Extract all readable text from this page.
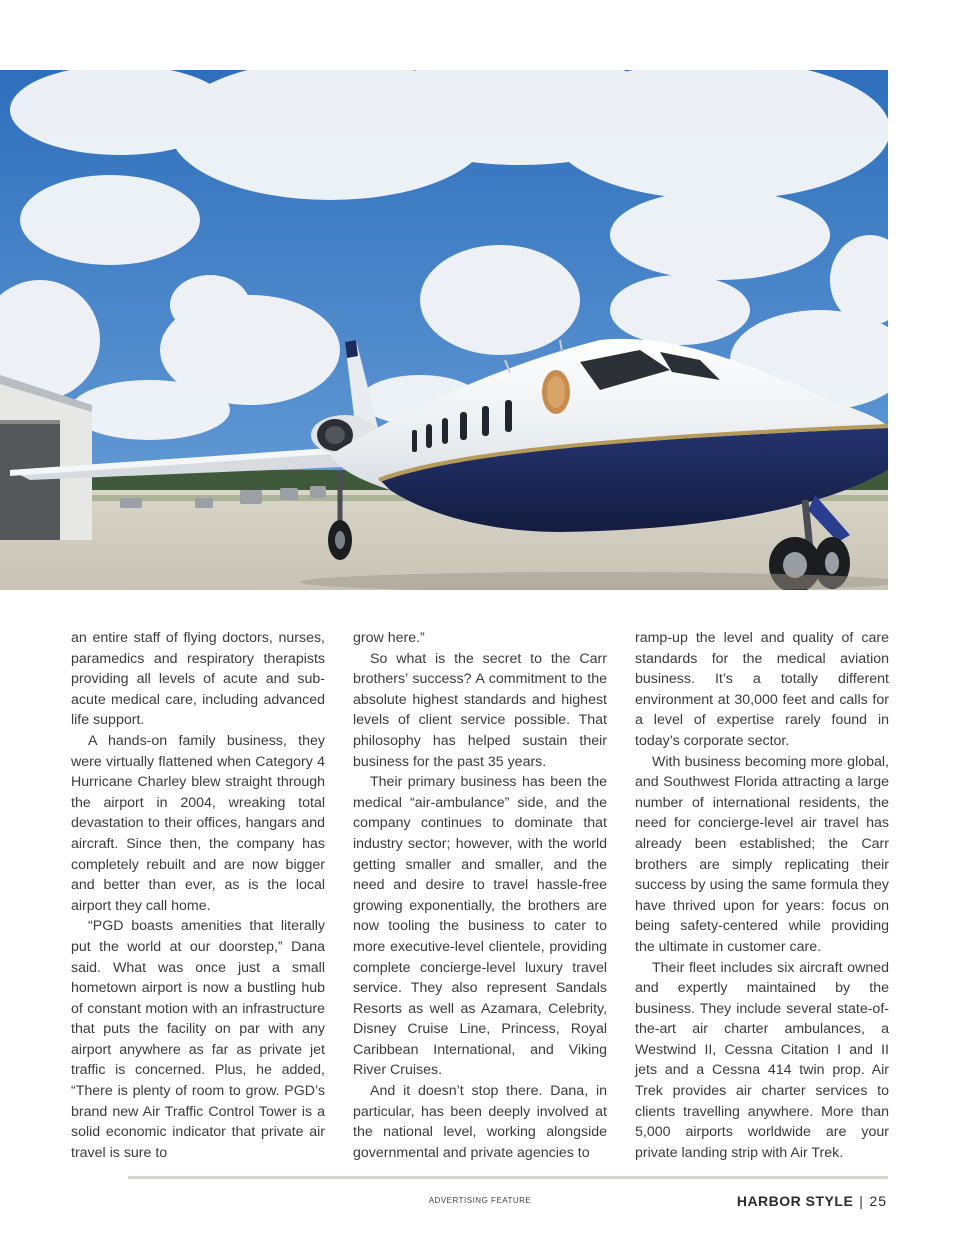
an entire staff of flying doctors, nurses, paramedics and respiratory therapists providing all levels of acute and sub-acute medical care, including advanced life support.

A hands-on family business, they were virtually flattened when Category 4 Hurricane Charley blew straight through the airport in 2004, wreaking total devastation to their offices, hangars and aircraft. Since then, the company has completely rebuilt and are now bigger and better than ever, as is the local airport they call home.

“PGD boasts amenities that literally put the world at our doorstep,” Dana said. What was once just a small hometown airport is now a bustling hub of constant motion with an infrastructure that puts the facility on par with any airport anywhere as far as private jet traffic is concerned. Plus, he added, “There is plenty of room to grow. PGD’s brand new Air Traffic Control Tower is a solid economic indicator that private air travel is sure to

grow here.”

So what is the secret to the Carr brothers’ success? A commitment to the absolute highest standards and highest levels of client service possible. That philosophy has helped sustain their business for the past 35 years.

Their primary business has been the medical “air-ambulance” side, and the company continues to dominate that industry sector; however, with the world getting smaller and smaller, and the need and desire to travel hassle-free growing exponentially, the brothers are now tooling the business to cater to more executive-level clientele, providing complete concierge-level luxury travel service. They also represent Sandals Resorts as well as Azamara, Celebrity, Disney Cruise Line, Princess, Royal Caribbean International, and Viking River Cruises.

And it doesn’t stop there. Dana, in particular, has been deeply involved at the national level, working alongside governmental and private agencies to

ramp-up the level and quality of care standards for the medical aviation business. It’s a totally different environment at 30,000 feet and calls for a level of expertise rarely found in today’s corporate sector.

With business becoming more global, and Southwest Florida attracting a large number of international residents, the need for concierge-level air travel has already been established; the Carr brothers are simply replicating their success by using the same formula they have thrived upon for years: focus on being safety-centered while providing the ultimate in customer care.

Their fleet includes six aircraft owned and expertly maintained by the business. They include several state-of-the-art air charter ambulances, a Westwind II, Cessna Citation I and II jets and a Cessna 414 twin prop. Air Trek provides air charter services to clients travelling anywhere. More than 5,000 airports worldwide are your private landing strip with Air Trek.

ADVERTISING FEATURE	HARBOR STYLE | 25
